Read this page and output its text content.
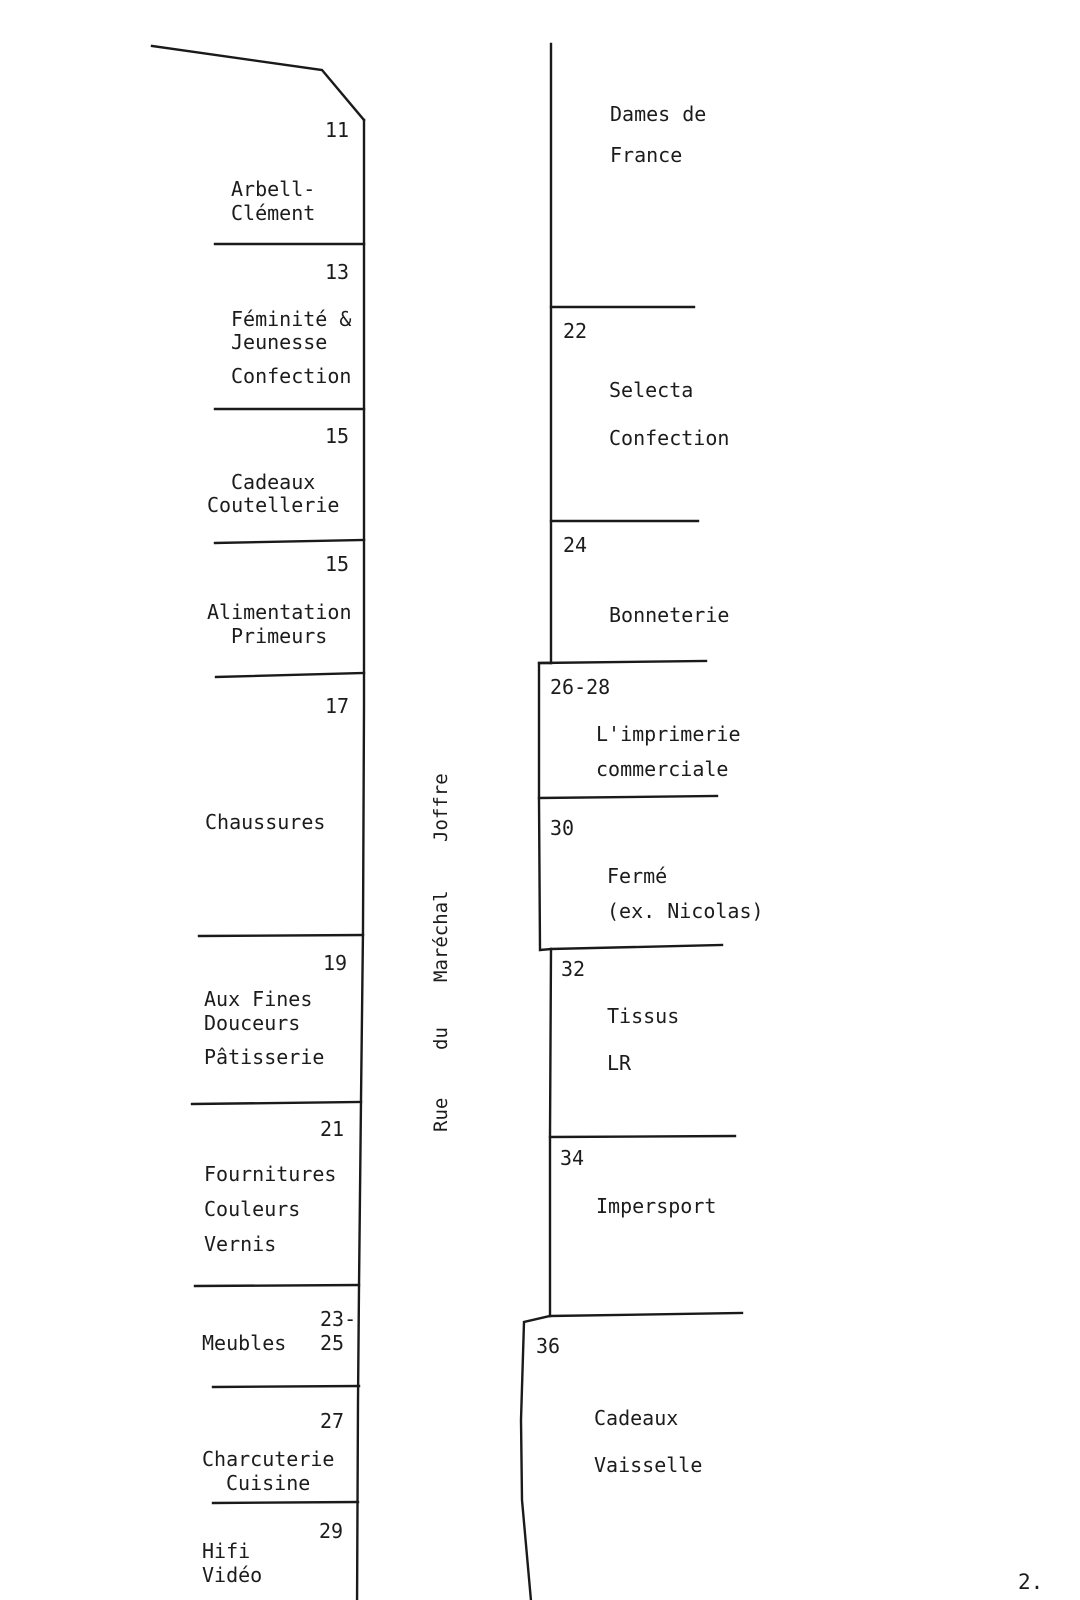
Rue
du
Maréchal
Joffre
11
Arbell-
Clément
13
Féminité &
Jeunesse
Confection
15
Cadeaux
Coutellerie
15
Alimentation
Primeurs
17
Chaussures
19
Aux Fines
Douceurs
Pâtisserie
21
Fournitures
Couleurs
Vernis
23-
25
Meubles
27
Charcuterie
Cuisine
29
Hifi
Vidéo
Dames de
France
22
Selecta
Confection
24
Bonneterie
26-28
L'imprimerie
commerciale
30
Fermé
(ex. Nicolas)
32
Tissus
LR
34
Impersport
36
Cadeaux
Vaisselle
2.
